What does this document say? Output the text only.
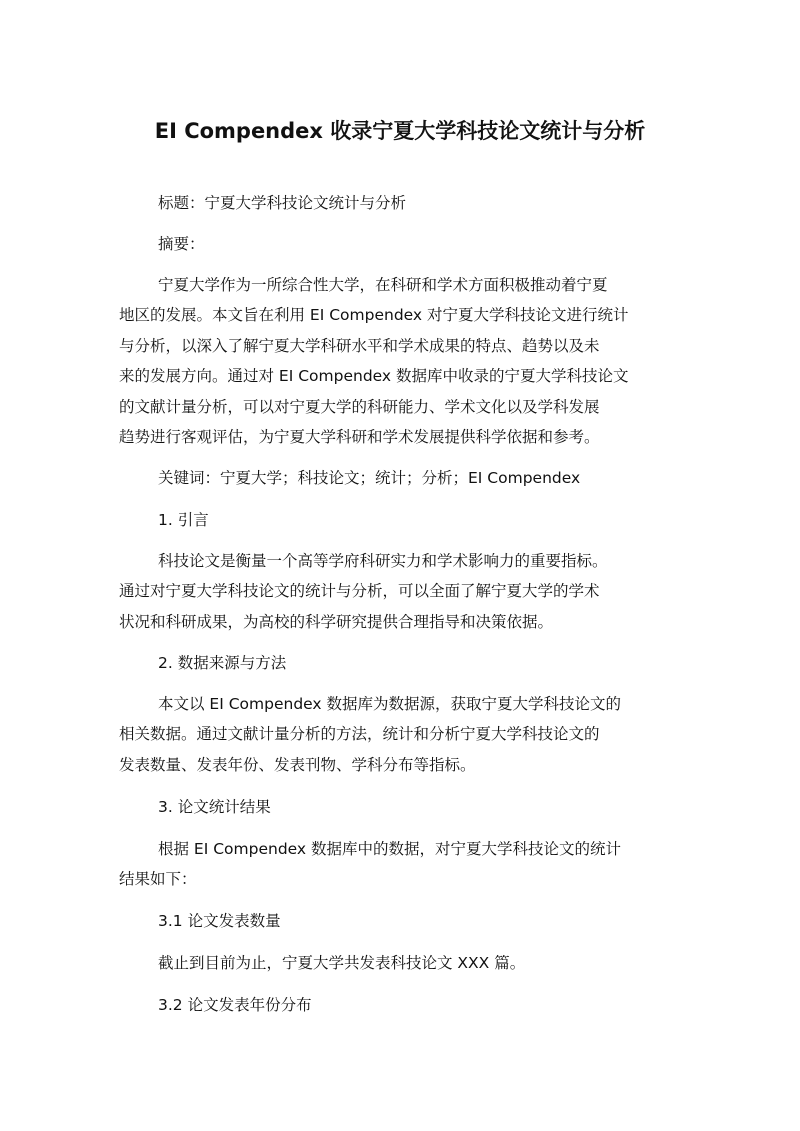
EI Compendex 收录宁夏大学科技论文统计与分析
标题：宁夏大学科技论文统计与分析
摘要：
宁夏大学作为一所综合性大学，在科研和学术方面积极推动着宁夏
地区的发展。本文旨在利用 EI Compendex 对宁夏大学科技论文进行统计
与分析，以深入了解宁夏大学科研水平和学术成果的特点、趋势以及未
来的发展方向。通过对 EI Compendex 数据库中收录的宁夏大学科技论文
的文献计量分析，可以对宁夏大学的科研能力、学术文化以及学科发展
趋势进行客观评估，为宁夏大学科研和学术发展提供科学依据和参考。
关键词：宁夏大学；科技论文；统计；分析；EI Compendex
1. 引言
科技论文是衡量一个高等学府科研实力和学术影响力的重要指标。
通过对宁夏大学科技论文的统计与分析，可以全面了解宁夏大学的学术
状况和科研成果，为高校的科学研究提供合理指导和决策依据。
2. 数据来源与方法
本文以 EI Compendex 数据库为数据源，获取宁夏大学科技论文的
相关数据。通过文献计量分析的方法，统计和分析宁夏大学科技论文的
发表数量、发表年份、发表刊物、学科分布等指标。
3. 论文统计结果
根据 EI Compendex 数据库中的数据，对宁夏大学科技论文的统计
结果如下：
3.1 论文发表数量
截止到目前为止，宁夏大学共发表科技论文 XXX 篇。
3.2 论文发表年份分布
